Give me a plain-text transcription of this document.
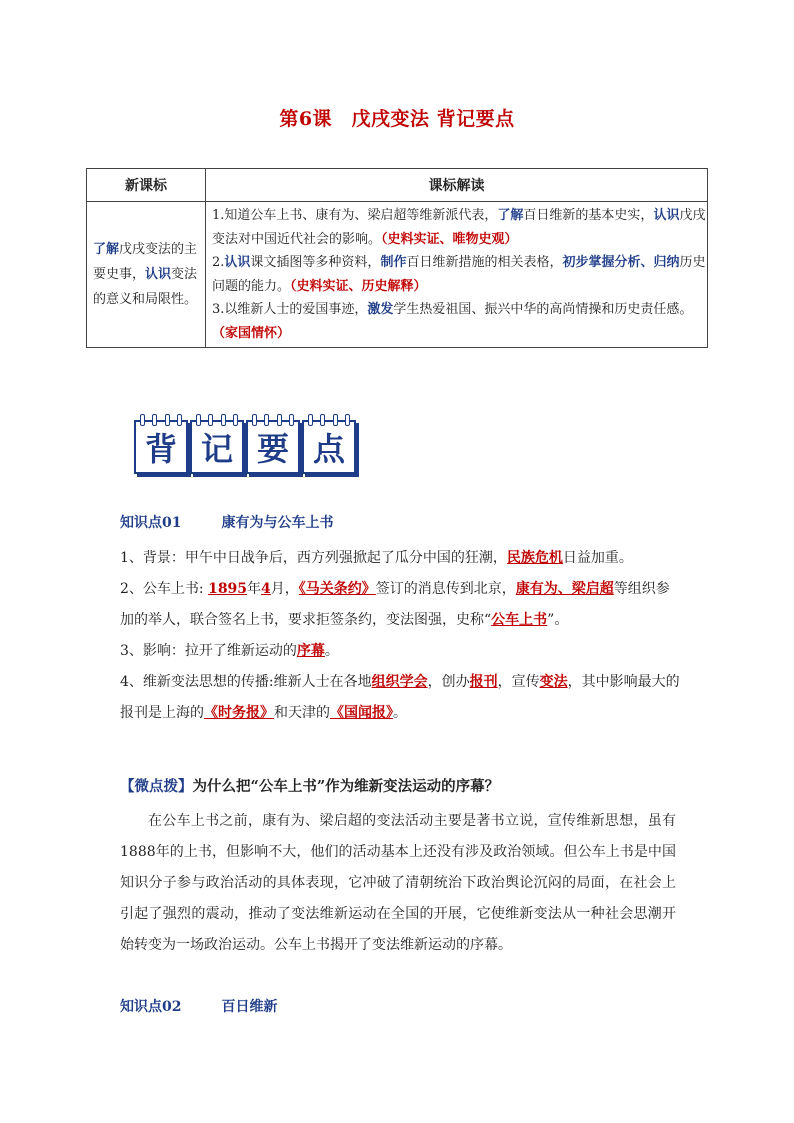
第6课　戊戌变法 背记要点
新课标	课标解读
了解戊戌变法的主要史事，认识变法的意义和局限性。	1.知道公车上书、康有为、梁启超等维新派代表，了解百日维新的基本史实，认识戊戌变法对中国近代社会的影响。（史料实证、唯物史观）
2.认识课文插图等多种资料，制作百日维新措施的相关表格，初步掌握分析、归纳历史问题的能力。（史料实证、历史解释）
3.以维新人士的爱国事迹，激发学生热爱祖国、振兴中华的高尚情操和历史责任感。（家国情怀）
背 记 要 点
知识点01	康有为与公车上书

1、背景：甲午中日战争后，西方列强掀起了瓜分中国的狂潮，民族危机日益加重。

2、公车上书: 1895年4月，《马关条约》签订的消息传到北京，康有为、梁启超等组织参加的举人，联合签名上书，要求拒签条约，变法图强，史称“公车上书”。

3、影响：拉开了维新运动的序幕。

4、维新变法思想的传播:维新人士在各地组织学会，创办报刊，宣传变法，其中影响最大的报刊是上海的《时务报》和天津的《国闻报》。

【微点拨】为什么把“公车上书”作为维新变法运动的序幕？
在公车上书之前，康有为、梁启超的变法活动主要是著书立说，宣传维新思想，虽有1888年的上书，但影响不大，他们的活动基本上还没有涉及政治领域。但公车上书是中国知识分子参与政治活动的具体表现，它冲破了清朝统治下政治舆论沉闷的局面，在社会上引起了强烈的震动，推动了变法维新运动在全国的开展，它使维新变法从一种社会思潮开始转变为一场政治运动。公车上书揭开了变法维新运动的序幕。
知识点02	百日维新
